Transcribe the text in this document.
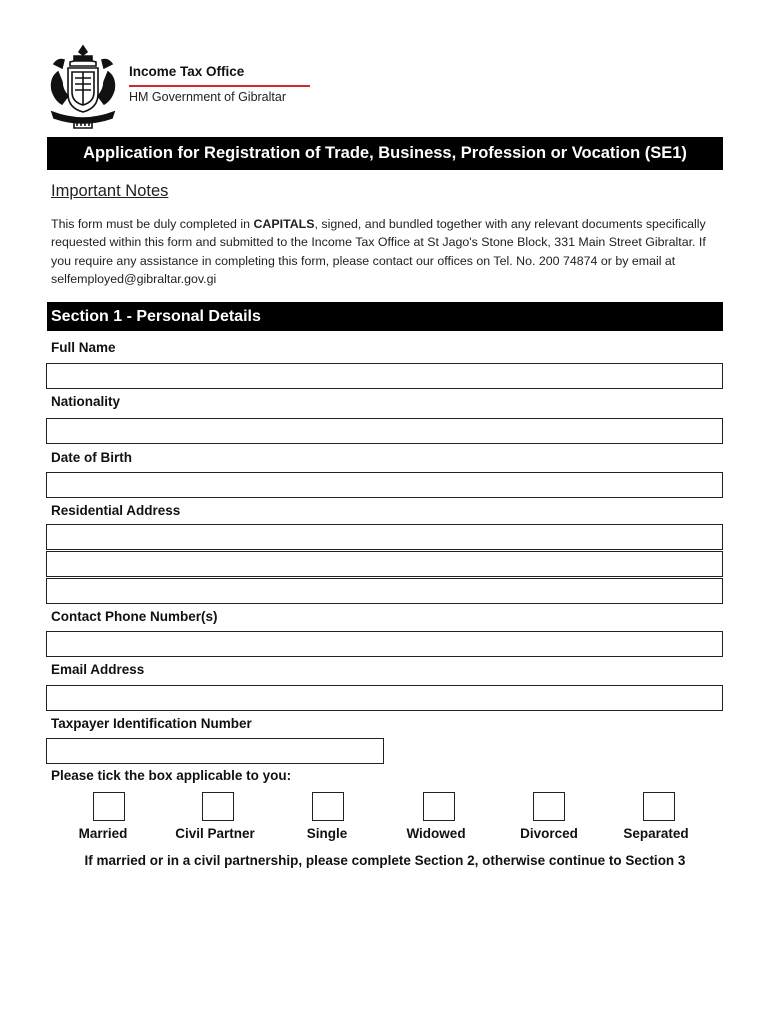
Income Tax Office
HM Government of Gibraltar
Application for Registration of Trade, Business, Profession or Vocation (SE1)
Important Notes
This form must be duly completed in CAPITALS, signed, and bundled together with any relevant documents specifically requested within this form and submitted to the Income Tax Office at St Jago's Stone Block, 331 Main Street Gibraltar. If you require any assistance in completing this form, please contact our offices on Tel. No. 200 74874 or by email at selfemployed@gibraltar.gov.gi
Section 1 - Personal Details
Full Name
Nationality
Date of Birth
Residential Address
Contact Phone Number(s)
Email Address
Taxpayer Identification Number
Please tick the box applicable to you:
Married	Civil Partner	Single	Widowed	Divorced	Separated
If married or in a civil partnership, please complete Section 2, otherwise continue to Section 3
